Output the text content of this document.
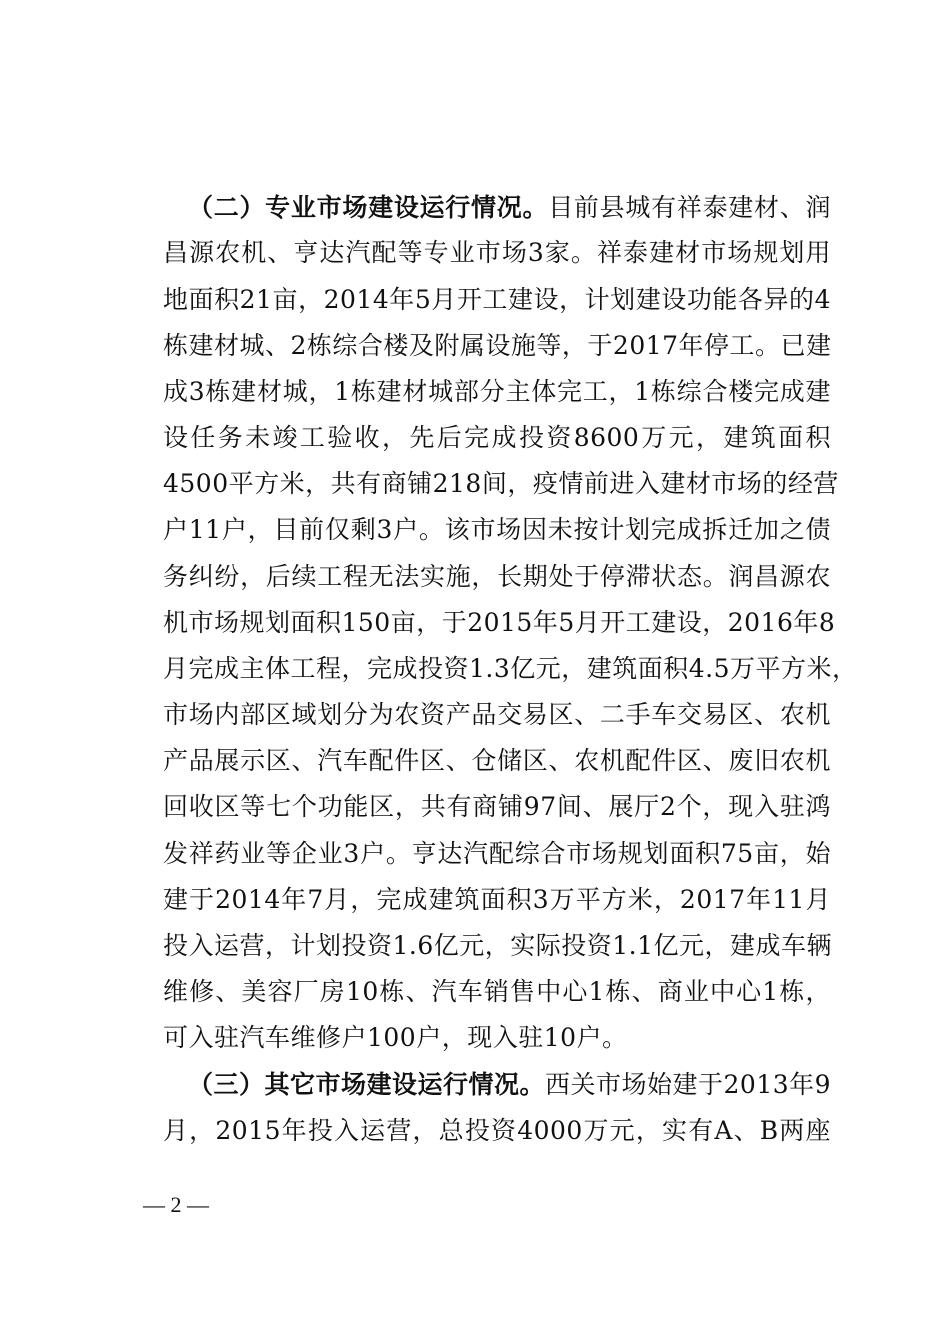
（二）专业市场建设运行情况。目前县城有祥泰建材、润
昌源农机、亨达汽配等专业市场3家。祥泰建材市场规划用
地面积21亩，2014年5月开工建设，计划建设功能各异的4
栋建材城、2栋综合楼及附属设施等，于2017年停工。已建
成3栋建材城，1栋建材城部分主体完工，1栋综合楼完成建
设任务未竣工验收，先后完成投资8600万元，建筑面积
4500平方米，共有商铺218间，疫情前进入建材市场的经营
户11户，目前仅剩3户。该市场因未按计划完成拆迁加之债
务纠纷，后续工程无法实施，长期处于停滞状态。润昌源农
机市场规划面积150亩，于2015年5月开工建设，2016年8
月完成主体工程，完成投资1.3亿元，建筑面积4.5万平方米，
市场内部区域划分为农资产品交易区、二手车交易区、农机
产品展示区、汽车配件区、仓储区、农机配件区、废旧农机
回收区等七个功能区，共有商铺97间、展厅2个，现入驻鸿
发祥药业等企业3户。亨达汽配综合市场规划面积75亩，始
建于2014年7月，完成建筑面积3万平方米，2017年11月
投入运营，计划投资1.6亿元，实际投资1.1亿元，建成车辆
维修、美容厂房10栋、汽车销售中心1栋、商业中心1栋，
可入驻汽车维修户100户，现入驻10户。
（三）其它市场建设运行情况。西关市场始建于2013年9
月，2015年投入运营，总投资4000万元，实有A、B两座
— 2 —
